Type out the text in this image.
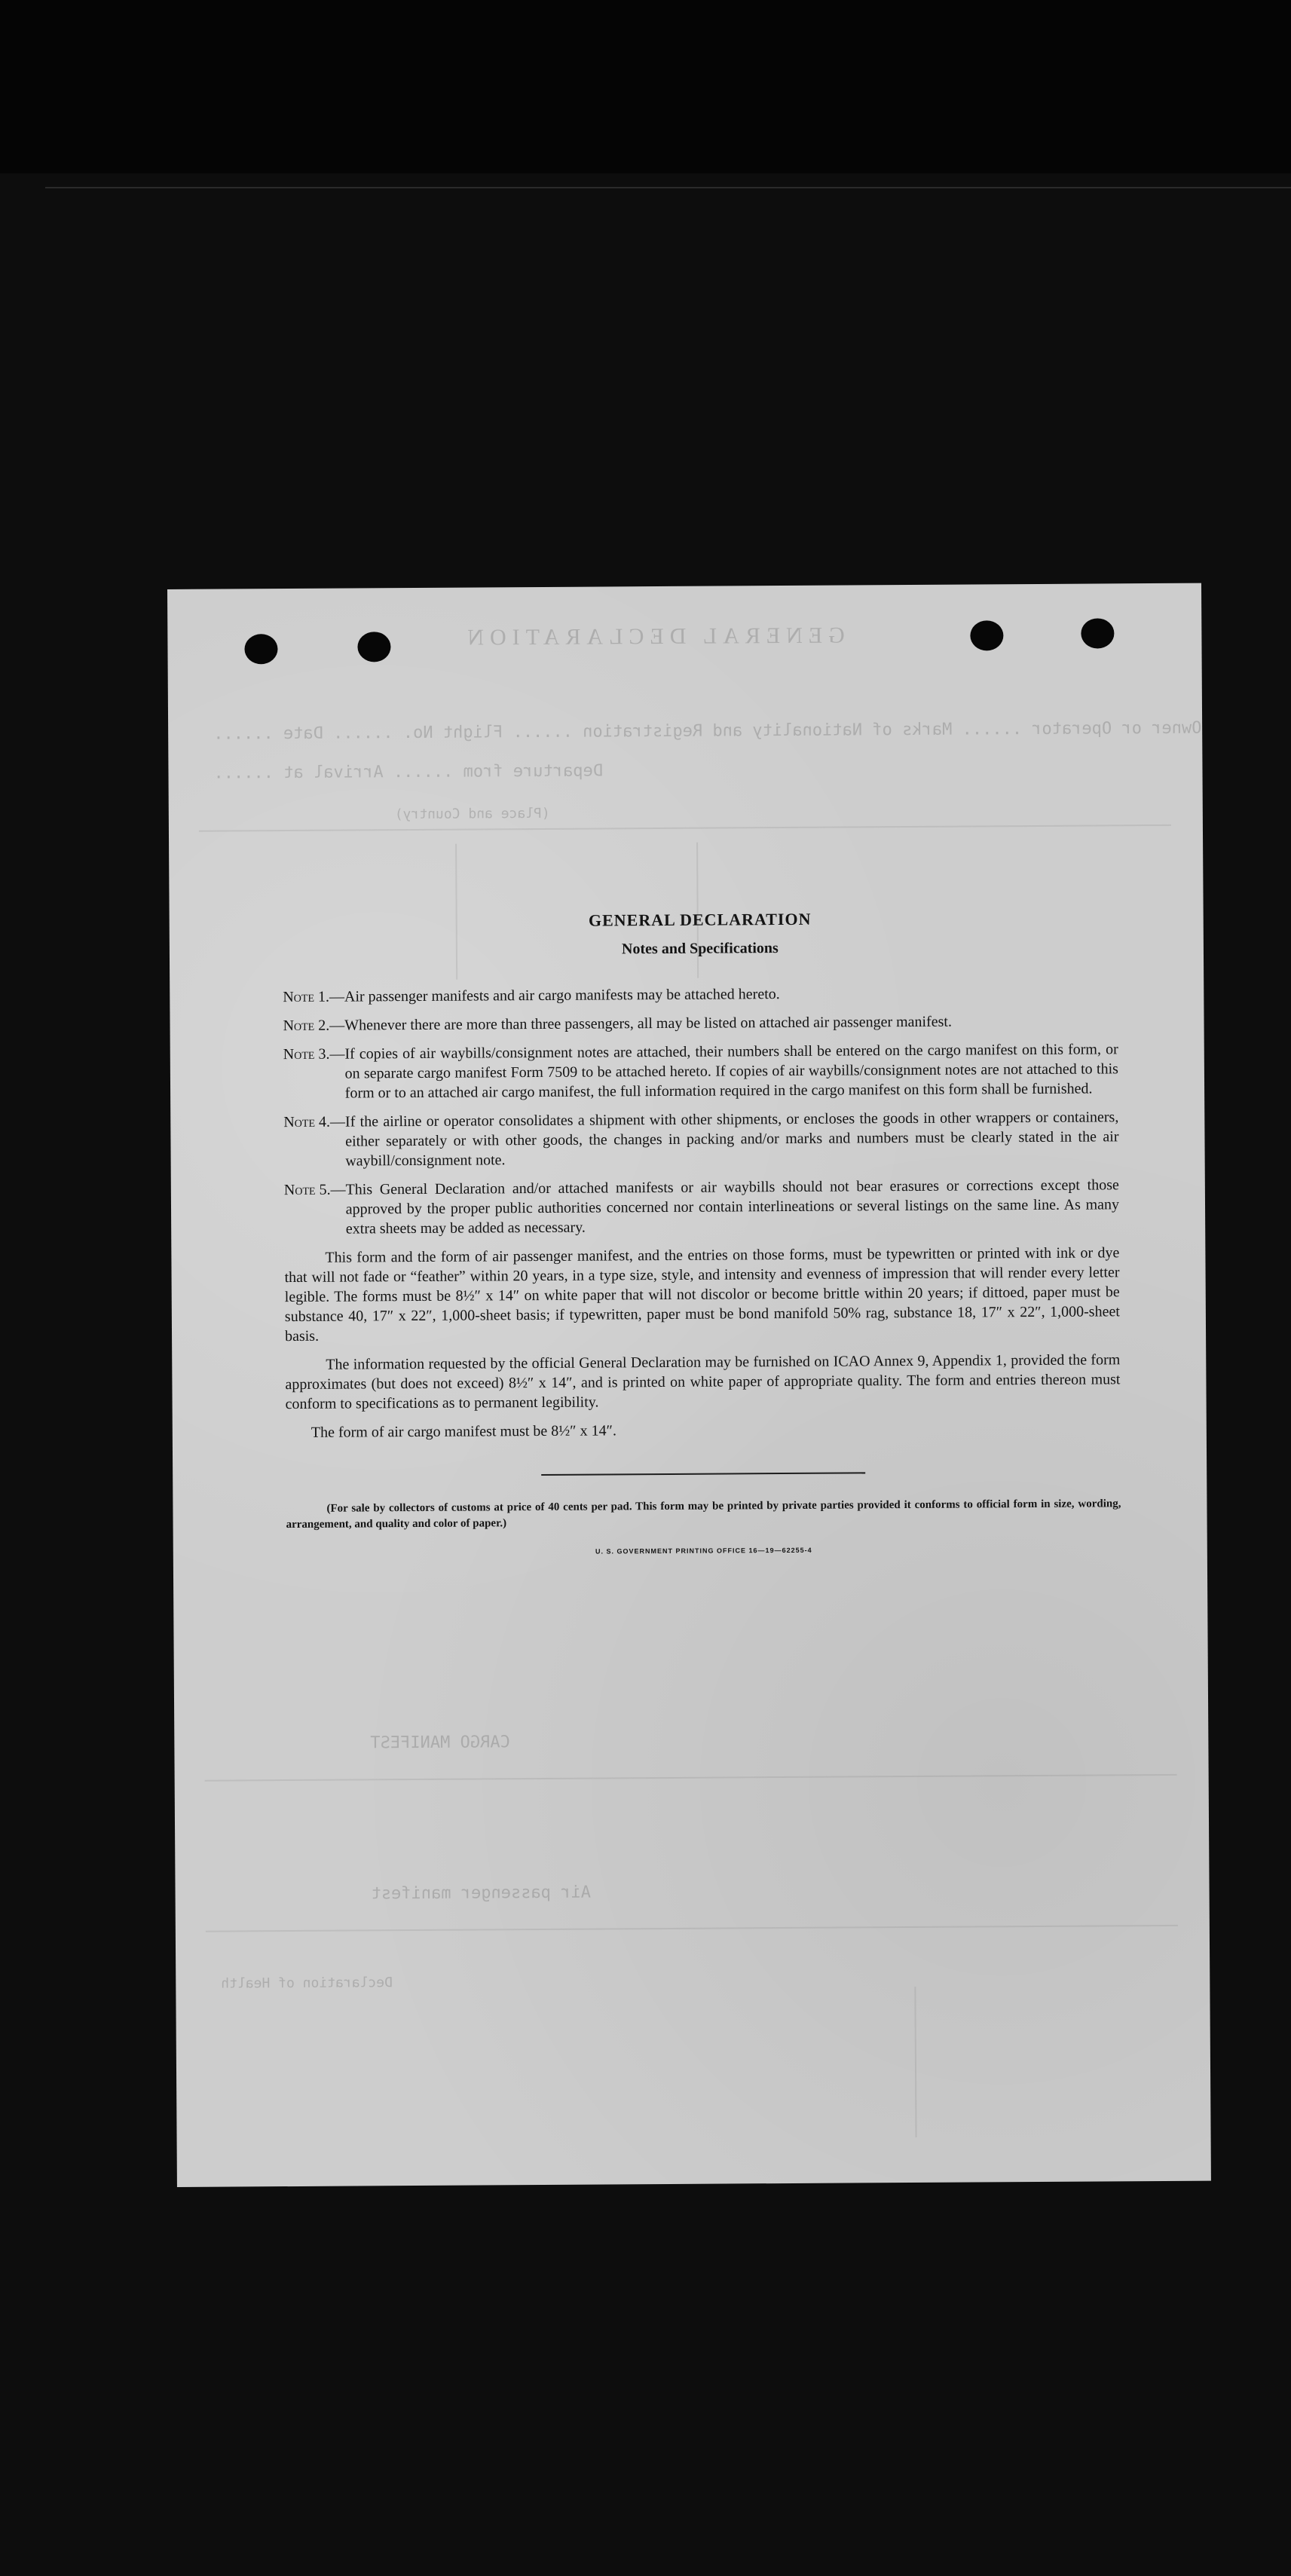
GENERAL DECLARATION
Owner or Operator ...... Marks of Nationality and Registration ...... Flight No. ...... Date ......
Departure from ...... Arrival at ......
(Place and Country)
CARGO MANIFEST
Air passenger manifest
Declaration of Health
GENERAL DECLARATION
Notes and Specifications
Note 1. — Air passenger manifests and air cargo manifests may be attached hereto.
Note 2. — Whenever there are more than three passengers, all may be listed on attached air passenger manifest.
Note 3. — If copies of air waybills/consignment notes are attached, their numbers shall be entered on the cargo manifest on this form, or on separate cargo manifest Form 7509 to be attached hereto. If copies of air waybills/consignment notes are not attached to this form or to an attached air cargo manifest, the full information required in the cargo manifest on this form shall be furnished.
Note 4. — If the airline or operator consolidates a shipment with other shipments, or encloses the goods in other wrappers or containers, either separately or with other goods, the changes in packing and/or marks and numbers must be clearly stated in the air waybill/consignment note.
Note 5. — This General Declaration and/or attached manifests or air waybills should not bear erasures or corrections except those approved by the proper public authorities concerned nor contain interlineations or several listings on the same line. As many extra sheets may be added as necessary.

This form and the form of air passenger manifest, and the entries on those forms, must be typewritten or printed with ink or dye that will not fade or “feather” within 20 years, in a type size, style, and intensity and evenness of impression that will render every letter legible. The forms must be 8½″ x 14″ on white paper that will not discolor or become brittle within 20 years; if dittoed, paper must be substance 40, 17″ x 22″, 1,000-sheet basis; if typewritten, paper must be bond manifold 50% rag, substance 18, 17″ x 22″, 1,000-sheet basis.

The information requested by the official General Declaration may be furnished on ICAO Annex 9, Appendix 1, provided the form approximates (but does not exceed) 8½″ x 14″, and is printed on white paper of appropriate quality. The form and entries thereon must conform to specifications as to permanent legibility.

The form of air cargo manifest must be 8½″ x 14″.

(For sale by collectors of customs at price of 40 cents per pad. This form may be printed by private parties provided it conforms to official form in size, wording, arrangement, and quality and color of paper.)

U. S. GOVERNMENT PRINTING OFFICE 16—19—62255-4
